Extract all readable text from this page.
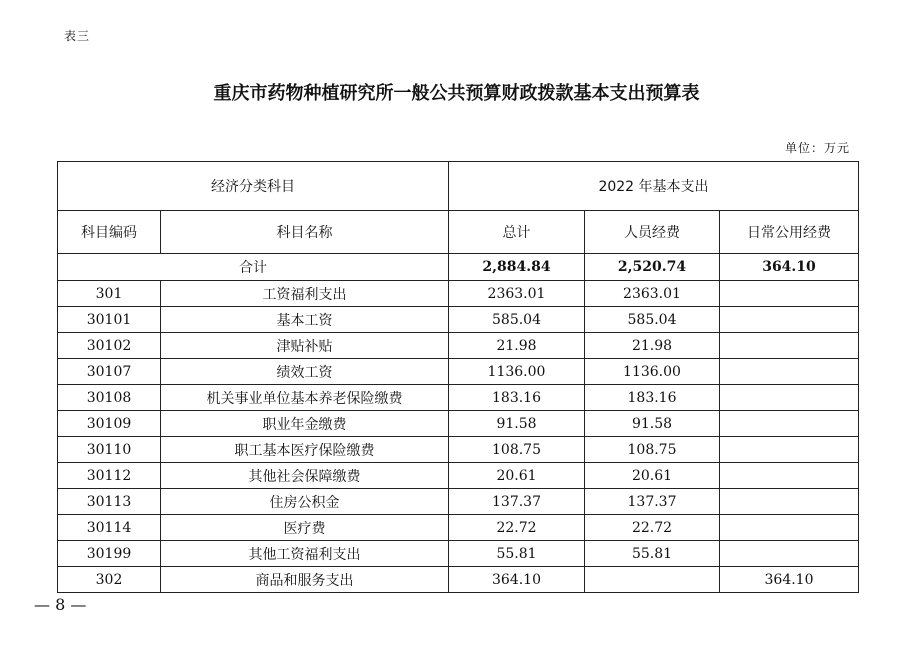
表三
重庆市药物种植研究所一般公共预算财政拨款基本支出预算表
单位：万元
经济分类科目		2022 年基本支出		
科目编码	科目名称	总计	人员经费	日常公用经费
合计		2,884.84	2,520.74	364.10
301	工资福利支出	2363.01	2363.01	
30101	基本工资	585.04	585.04	
30102	津贴补贴	21.98	21.98	
30107	绩效工资	1136.00	1136.00	
30108	机关事业单位基本养老保险缴费	183.16	183.16	
30109	职业年金缴费	91.58	91.58	
30110	职工基本医疗保险缴费	108.75	108.75	
30112	其他社会保障缴费	20.61	20.61	
30113	住房公积金	137.37	137.37	
30114	医疗费	22.72	22.72	
30199	其他工资福利支出	55.81	55.81	
302	商品和服务支出	364.10		364.10
— 8 —
